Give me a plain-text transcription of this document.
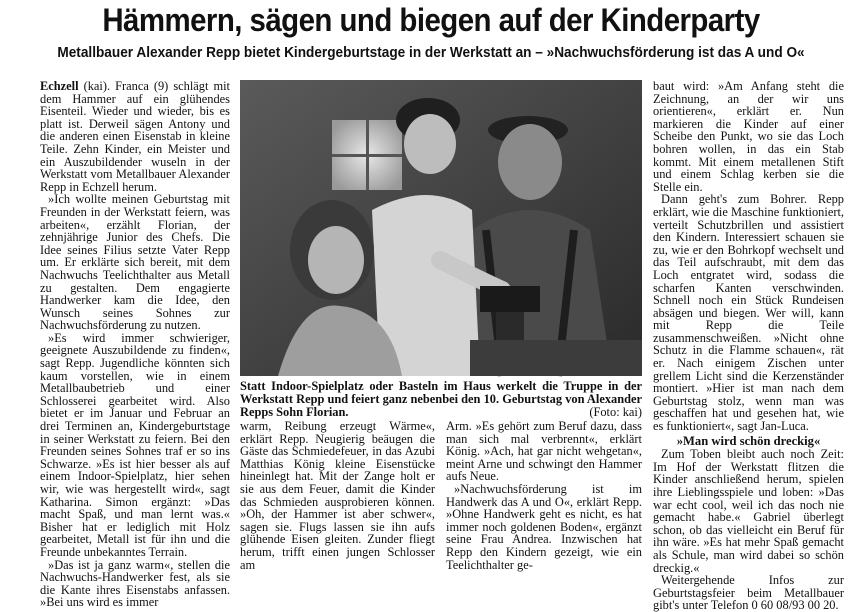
Hämmern, sägen und biegen auf der Kinderparty
Metallbauer Alexander Repp bietet Kindergeburtstage in der Werkstatt an – »Nachwuchsförderung ist das A und O«

Echzell (kai). Franca (9) schlägt mit dem Hammer auf ein glühendes Eisenteil. Wieder und wieder, bis es platt ist. Derweil sägen Antony und die anderen einen Eisenstab in kleine Teile. Zehn Kinder, ein Meister und ein Auszubildender wuseln in der Werkstatt vom Metallbauer Alexander Repp in Echzell herum.

»Ich wollte meinen Geburtstag mit Freunden in der Werkstatt feiern, was arbeiten«, erzählt Florian, der zehnjährige Junior des Chefs. Die Idee seines Filius setzte Vater Repp um. Er erklärte sich bereit, mit dem Nachwuchs Teelichthalter aus Metall zu gestalten. Dem engagierte Handwerker kam die Idee, den Wunsch seines Sohnes zur Nachwuchsförderung zu nutzen.

»Es wird immer schwieriger, geeignete Auszubildende zu finden«, sagt Repp. Jugendliche könnten sich kaum vorstellen, wie in einem Metallbaubetrieb und einer Schlosserei gearbeitet wird. Also bietet er im Januar und Februar an drei Terminen an, Kindergeburtstage in seiner Werkstatt zu feiern. Bei den Freunden seines Sohnes traf er so ins Schwarze. »Es ist hier besser als auf einem Indoor-Spielplatz, hier sehen wir, wie was hergestellt wird«, sagt Katharina. Simon ergänzt: »Das macht Spaß, und man lernt was.« Bisher hat er lediglich mit Holz gearbeitet, Metall ist für ihn und die Freunde unbekanntes Terrain.

»Das ist ja ganz warm«, stellen die Nachwuchs-Handwerker fest, als sie die Kante ihres Eisenstabs anfassen. »Bei uns wird es immer

Statt Indoor-Spielplatz oder Basteln im Haus werkelt die Truppe in der Werkstatt Repp und feiert ganz nebenbei den 10. Geburtstag von Alexander Repps Sohn Florian.	(Foto: kai)

warm, Reibung erzeugt Wärme«, erklärt Repp. Neugierig beäugen die Gäste das Schmiedefeuer, in das Azubi Matthias König kleine Eisenstücke hineinlegt hat. Mit der Zange holt er sie aus dem Feuer, damit die Kinder das Schmieden ausprobieren können. »Oh, der Hammer ist aber schwer«, sagen sie. Flugs lassen sie ihn aufs glühende Eisen gleiten. Zunder fliegt herum, trifft einen jungen Schlosser am

Arm. »Es gehört zum Beruf dazu, dass man sich mal verbrennt«, erklärt König. »Ach, hat gar nicht wehgetan«, meint Arne und schwingt den Hammer aufs Neue.

»Nachwuchsförderung ist im Handwerk das A und O«, erklärt Repp. »Ohne Handwerk geht es nicht, es hat immer noch goldenen Boden«, ergänzt seine Frau Andrea. Inzwischen hat Repp den Kindern gezeigt, wie ein Teelichthalter ge-

baut wird: »Am Anfang steht die Zeichnung, an der wir uns orientieren«, erklärt er. Nun markieren die Kinder auf einer Scheibe den Punkt, wo sie das Loch bohren wollen, in das ein Stab kommt. Mit einem metallenen Stift und einem Schlag kerben sie die Stelle ein.

Dann geht's zum Bohrer. Repp erklärt, wie die Maschine funktioniert, verteilt Schutzbrillen und assistiert den Kindern. Interessiert schauen sie zu, wie er den Bohrkopf wechselt und das Teil aufschraubt, mit dem das Loch entgratet wird, sodass die scharfen Kanten verschwinden. Schnell noch ein Stück Rundeisen absägen und biegen. Wer will, kann mit Repp die Teile zusammenschweißen. »Nicht ohne Schutz in die Flamme schauen«, rät er. Nach einigem Zischen unter grellem Licht sind die Kerzenständer montiert. »Hier ist man nach dem Geburtstag stolz, wenn man was geschaffen hat und gesehen hat, wie es funktioniert«, sagt Jan-Luca.

»Man wird schön dreckig«

Zum Toben bleibt auch noch Zeit: Im Hof der Werkstatt flitzen die Kinder anschließend herum, spielen ihre Lieblingsspiele und loben: »Das war echt cool, weil ich das noch nie gemacht habe.« Gabriel überlegt schon, ob das vielleicht ein Beruf für ihn wäre. »Es hat mehr Spaß gemacht als Schule, man wird dabei so schön dreckig.«

Weitergehende Infos zur Geburtstagsfeier beim Metallbauer gibt's unter Telefon 0 60 08/93 00 20.
